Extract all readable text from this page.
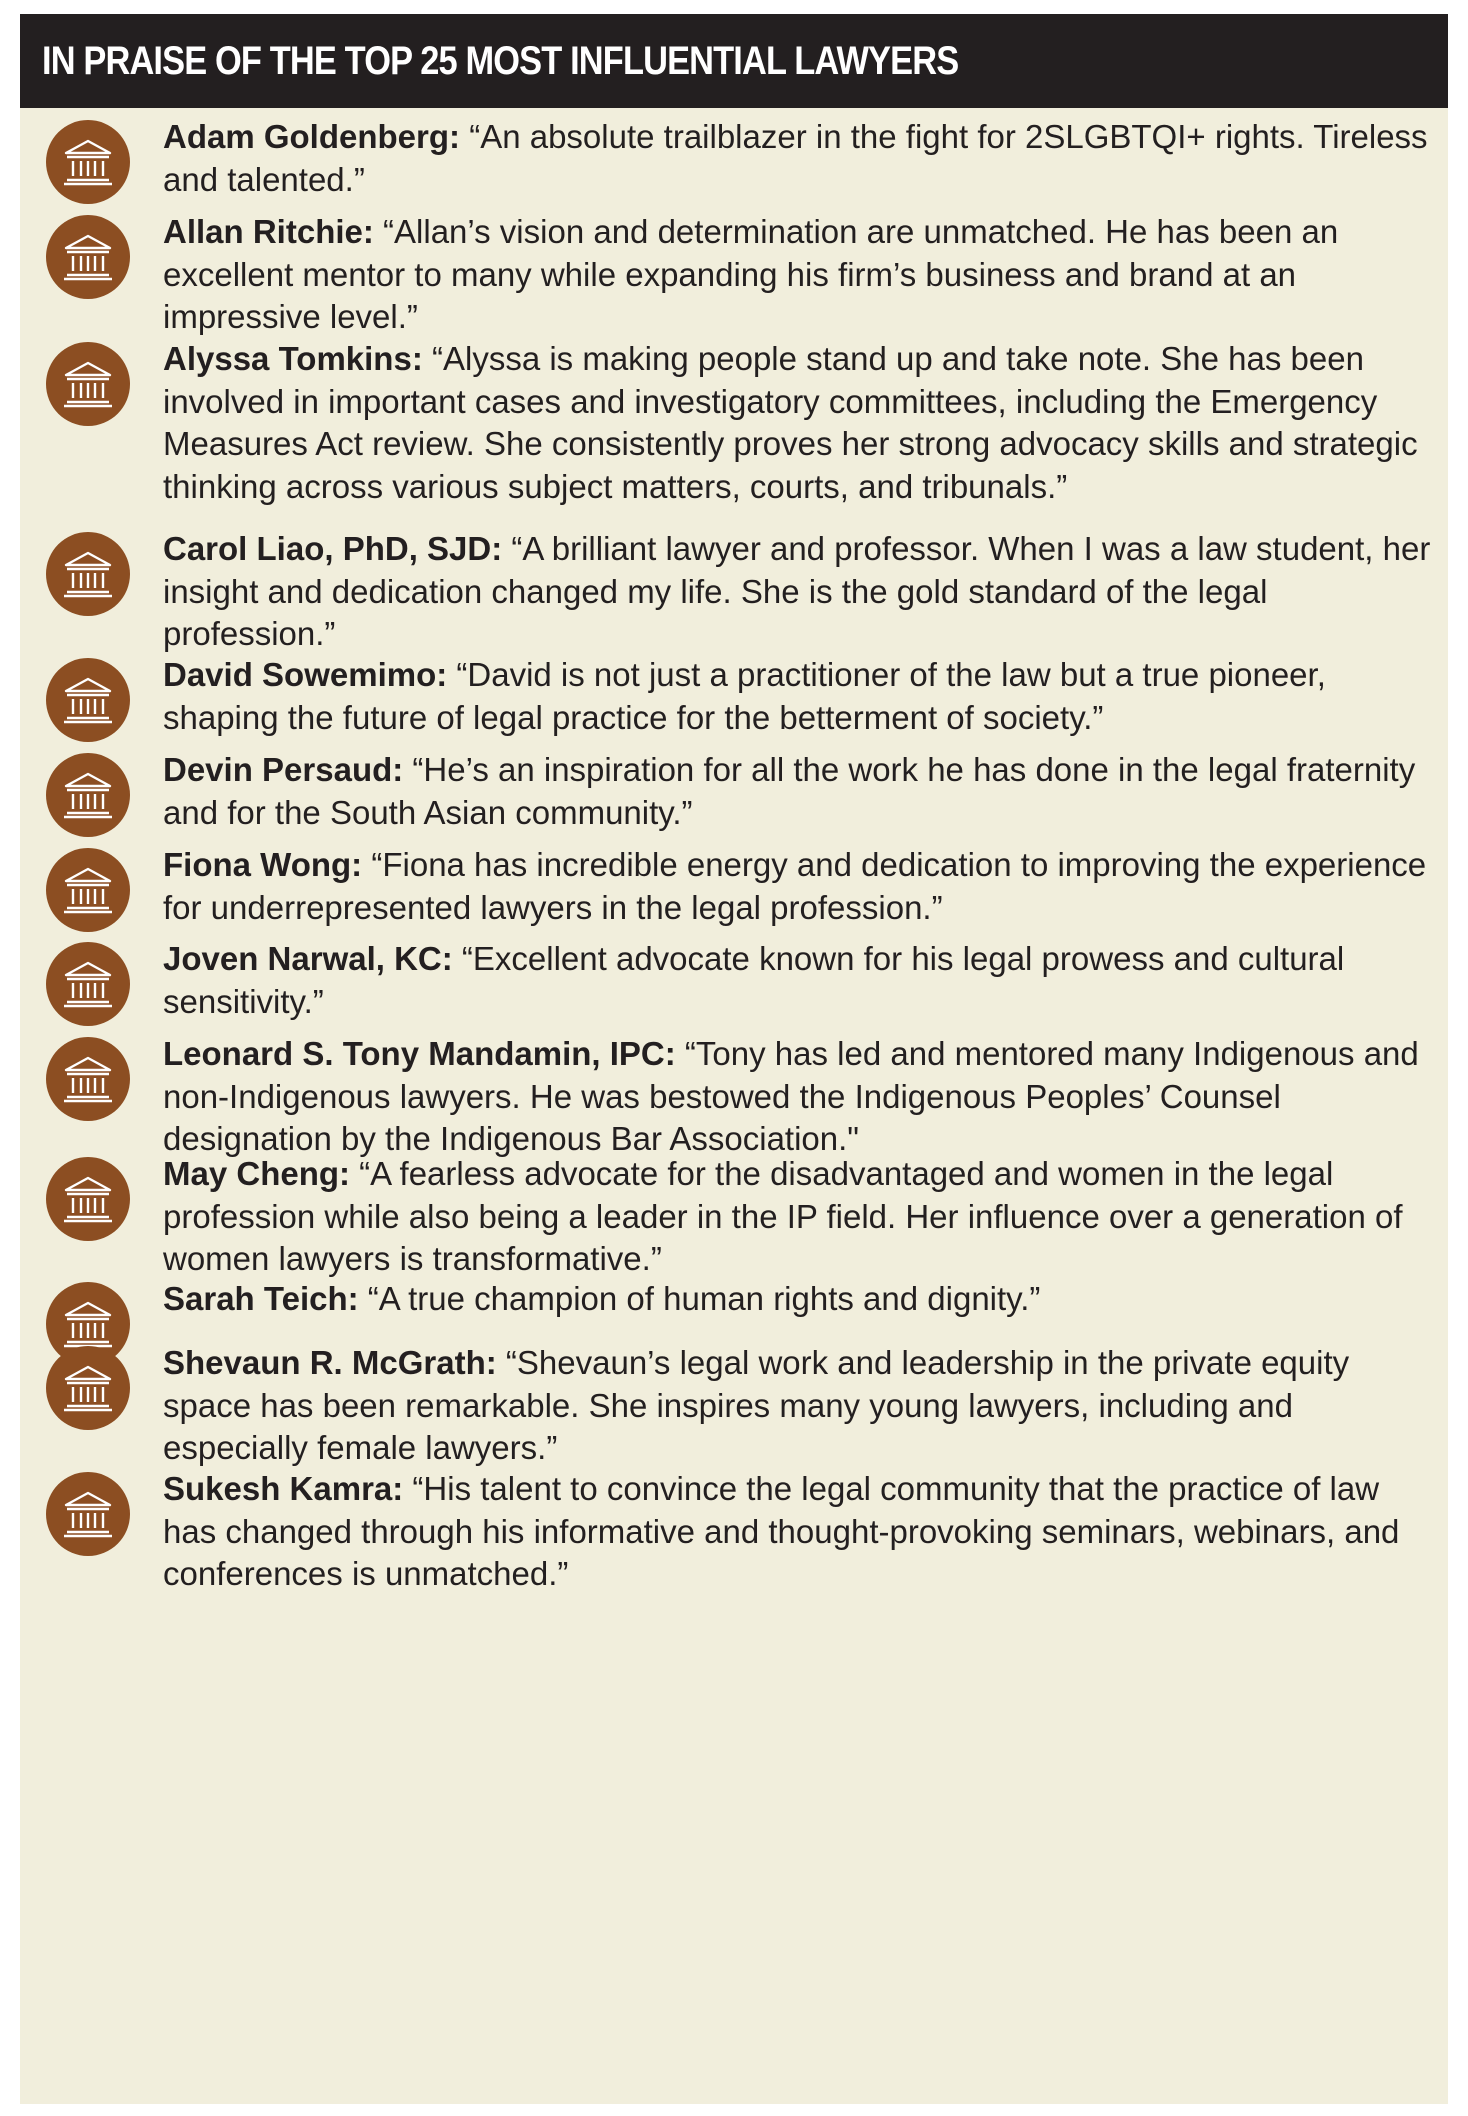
IN PRAISE OF THE TOP 25 MOST INFLUENTIAL LAWYERS
Adam Goldenberg: “An absolute trailblazer in the fight for 2SLGBTQI+ rights. Tireless and talented.”
Allan Ritchie: “Allan’s vision and determination are unmatched. He has been an excellent mentor to many while expanding his firm’s business and brand at an impressive level.”
Alyssa Tomkins: “Alyssa is making people stand up and take note. She has been involved in important cases and investigatory committees, including the Emergency Measures Act review. She consistently proves her strong advocacy skills and strategic thinking across various subject matters, courts, and tribunals.”
Carol Liao, PhD, SJD: “A brilliant lawyer and professor. When I was a law student, her insight and dedication changed my life. She is the gold standard of the legal profession.”
David Sowemimo: “David is not just a practitioner of the law but a true pioneer, shaping the future of legal practice for the betterment of society.”
Devin Persaud: “He’s an inspiration for all the work he has done in the legal fraternity and for the South Asian community.”
Fiona Wong: “Fiona has incredible energy and dedication to improving the experience for underrepresented lawyers in the legal profession.”
Joven Narwal, KC: “Excellent advocate known for his legal prowess and cultural sensitivity.”
Leonard S. Tony Mandamin, IPC: “Tony has led and mentored many Indigenous and non-Indigenous lawyers. He was bestowed the Indigenous Peoples’ Counsel designation by the Indigenous Bar Association."
May Cheng: “A fearless advocate for the disadvantaged and women in the legal profession while also being a leader in the IP field. Her influence over a generation of women lawyers is transformative.”
Sarah Teich: “A true champion of human rights and dignity.”
Shevaun R. McGrath: “Shevaun’s legal work and leadership in the private equity space has been remarkable. She inspires many young lawyers, including and especially female lawyers.”
Sukesh Kamra: “His talent to convince the legal community that the practice of law has changed through his informative and thought-provoking seminars, webinars, and conferences is unmatched.”
